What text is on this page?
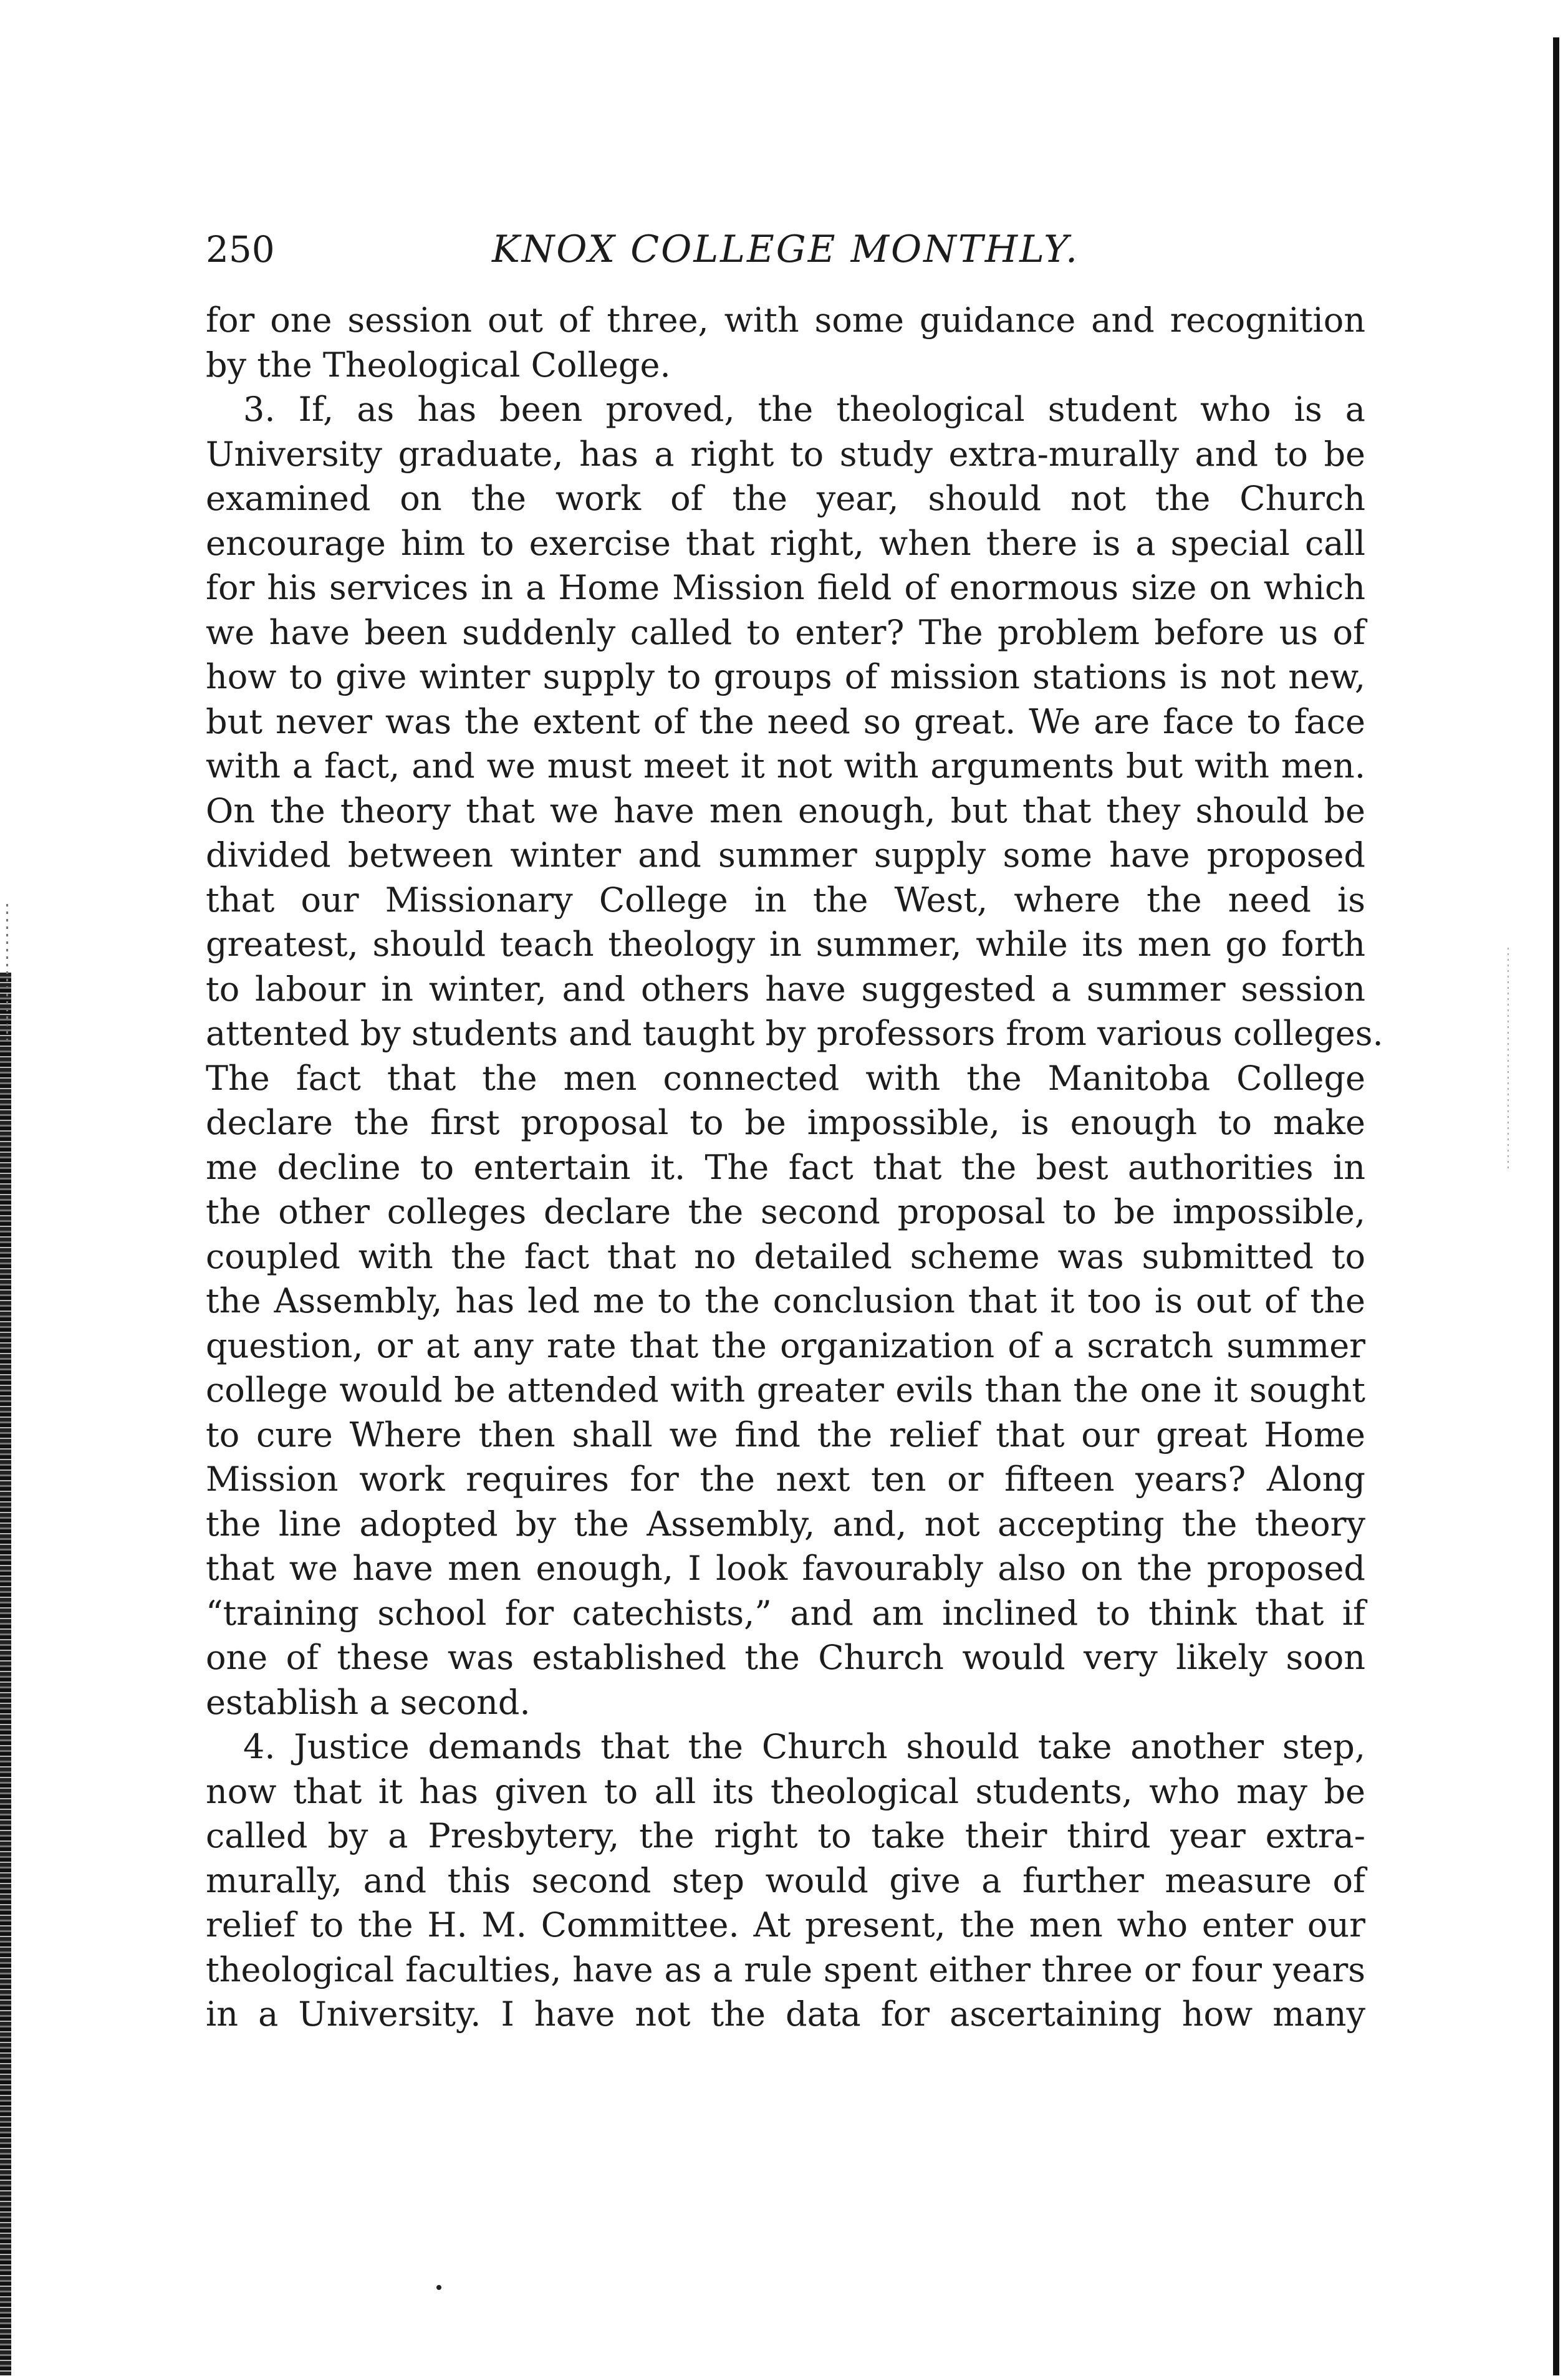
250	KNOX COLLEGE MONTHLY.
for one session out of three, with some guidance and recognition
by the Theological College.
3. If, as has been proved, the theological student who is a
University graduate, has a right to study extra-murally and to be
examined on the work of the year, should not the Church
encourage him to exercise that right, when there is a special call
for his services in a Home Mission field of enormous size on which
we have been suddenly called to enter? The problem before us of
how to give winter supply to groups of mission stations is not new,
but never was the extent of the need so great. We are face to face
with a fact, and we must meet it not with arguments but with men.
On the theory that we have men enough, but that they should be
divided between winter and summer supply some have proposed
that our Missionary College in the West, where the need is
greatest, should teach theology in summer, while its men go forth
to labour in winter, and others have suggested a summer session
attented by students and taught by professors from various colleges.
The fact that the men connected with the Manitoba College
declare the first proposal to be impossible, is enough to make
me decline to entertain it. The fact that the best authorities in
the other colleges declare the second proposal to be impossible,
coupled with the fact that no detailed scheme was submitted to
the Assembly, has led me to the conclusion that it too is out of the
question, or at any rate that the organization of a scratch summer
college would be attended with greater evils than the one it sought
to cure Where then shall we find the relief that our great Home
Mission work requires for the next ten or fifteen years? Along
the line adopted by the Assembly, and, not accepting the theory
that we have men enough, I look favourably also on the proposed
“training school for catechists,” and am inclined to think that if
one of these was established the Church would very likely soon
establish a second.
4. Justice demands that the Church should take another step,
now that it has given to all its theological students, who may be
called by a Presbytery, the right to take their third year extra-
murally, and this second step would give a further measure of
relief to the H. M. Committee. At present, the men who enter our
theological faculties, have as a rule spent either three or four years
in a University. I have not the data for ascertaining how many
